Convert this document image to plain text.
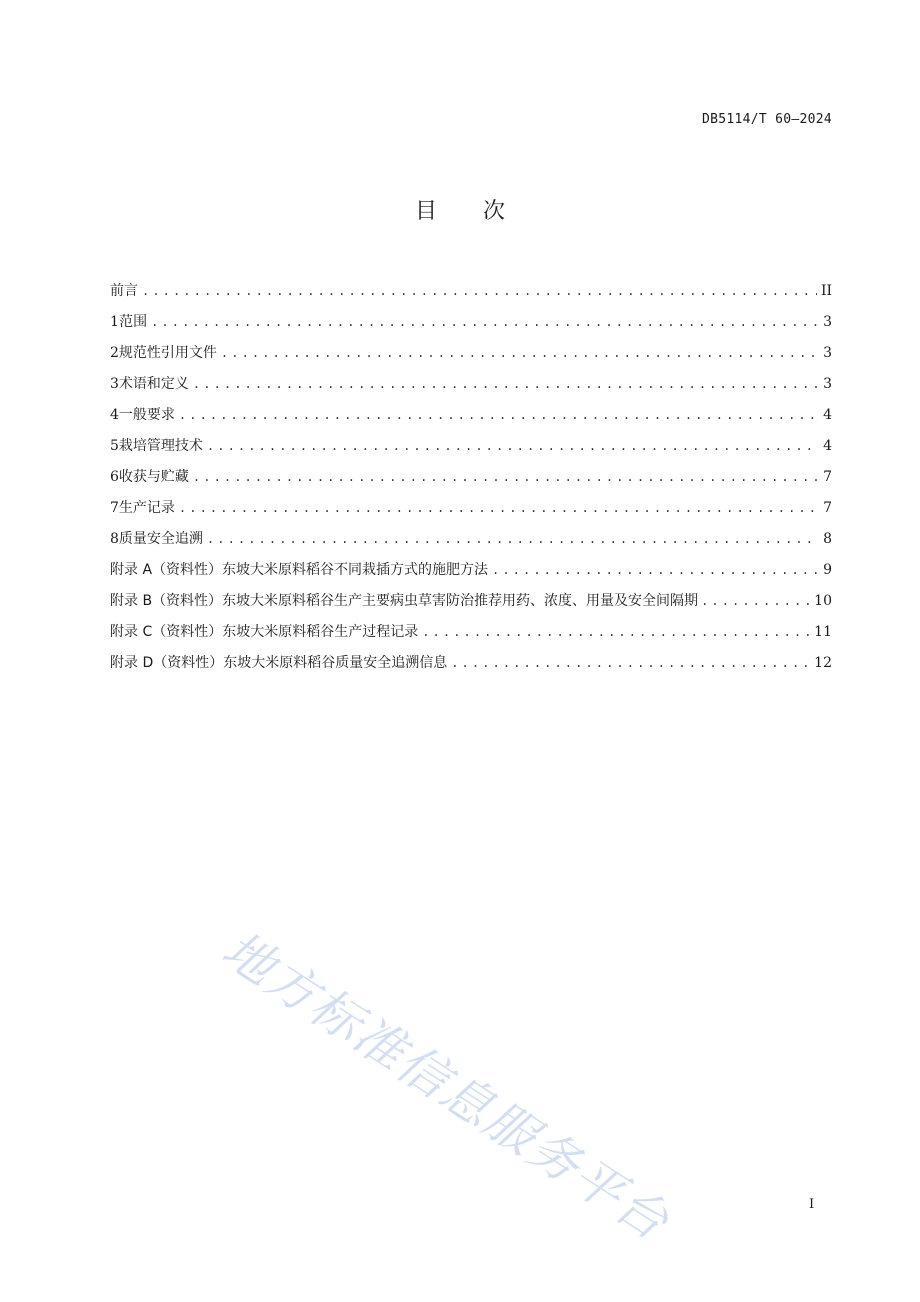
DB5114/T 60—2024
目 次
前言 .....	II
1 范围 .....	3
2 规范性引用文件 .....	3
3 术语和定义 .....	3
4 一般要求 .....	4
5 栽培管理技术 .....	4
6 收获与贮藏 .....	7
7 生产记录 .....	7
8 质量安全追溯 .....	8
附录 A（资料性） 东坡大米原料稻谷不同栽插方式的施肥方法 .....	9
附录 B（资料性） 东坡大米原料稻谷生产主要病虫草害防治推荐用药、浓度、用量及安全间隔期 .....	10
附录 C（资料性） 东坡大米原料稻谷生产过程记录 .....	11
附录 D（资料性） 东坡大米原料稻谷质量安全追溯信息 .....	12
地方标准信息服务平台	I
